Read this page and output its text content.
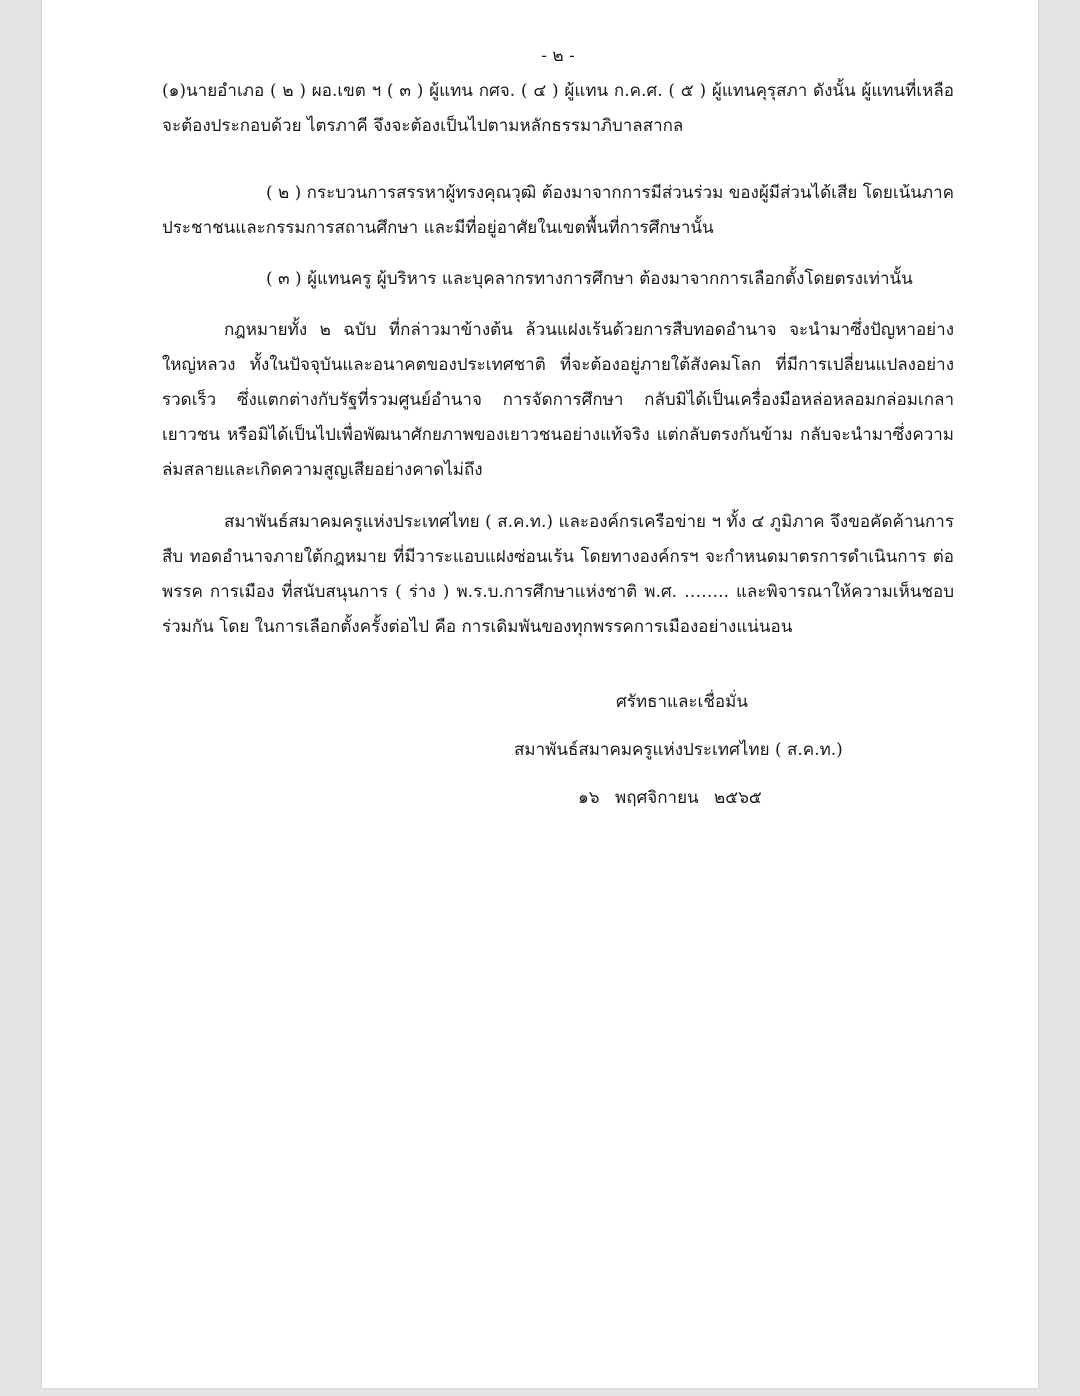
- ๒ -

(๑)นายอำเภอ ( ๒ ) ผอ.เขต ฯ ( ๓ ) ผู้แทน กศจ. ( ๔ ) ผู้แทน ก.ค.ศ. ( ๕ ) ผู้แทนคุรุสภา ดังนั้น ผู้แทนที่เหลือ จะต้องประกอบด้วย ไตรภาคี จึงจะต้องเป็นไปตามหลักธรรมาภิบาลสากล

( ๒ ) กระบวนการสรรหาผู้ทรงคุณวุฒิ ต้องมาจากการมีส่วนร่วม ของผู้มีส่วนได้เสีย โดยเน้นภาค ประชาชนและกรรมการสถานศึกษา และมีที่อยู่อาศัยในเขตพื้นที่การศึกษานั้น

( ๓ ) ผู้แทนครู ผู้บริหาร และบุคลากรทางการศึกษา ต้องมาจากการเลือกตั้งโดยตรงเท่านั้น

กฎหมายทั้ง ๒ ฉบับ ที่กล่าวมาข้างต้น ล้วนแฝงเร้นด้วยการสืบทอดอำนาจ จะนำมาซึ่งปัญหาอย่าง ใหญ่หลวง ทั้งในปัจจุบันและอนาคตของประเทศชาติ ที่จะต้องอยู่ภายใต้สังคมโลก ที่มีการเปลี่ยนแปลงอย่าง รวดเร็ว ซึ่งแตกต่างกับรัฐที่รวมศูนย์อำนาจ การจัดการศึกษา กลับมิได้เป็นเครื่องมือหล่อหลอมกล่อมเกลา เยาวชน หรือมิได้เป็นไปเพื่อพัฒนาศักยภาพของเยาวชนอย่างแท้จริง แต่กลับตรงกันข้าม กลับจะนำมาซึ่งความ ล่มสลายและเกิดความสูญเสียอย่างคาดไม่ถึง

สมาพันธ์สมาคมครูแห่งประเทศไทย ( ส.ค.ท.) และองค์กรเครือข่าย ฯ ทั้ง ๔ ภูมิภาค จึงขอคัดค้านการสืบ ทอดอำนาจภายใต้กฎหมาย ที่มีวาระแอบแฝงซ่อนเร้น โดยทางองค์กรฯ จะกำหนดมาตรการดำเนินการ ต่อพรรค การเมือง ที่สนับสนุนการ ( ร่าง ) พ.ร.บ.การศึกษาแห่งชาติ พ.ศ. …….. และพิจารณาให้ความเห็นชอบร่วมกัน โดย ในการเลือกตั้งครั้งต่อไป คือ การเดิมพันของทุกพรรคการเมืองอย่างแน่นอน

ศรัทธาและเชื่อมั่น
สมาพันธ์สมาคมครูแห่งประเทศไทย ( ส.ค.ท.)
๑๖ พฤศจิกายน ๒๕๖๕
